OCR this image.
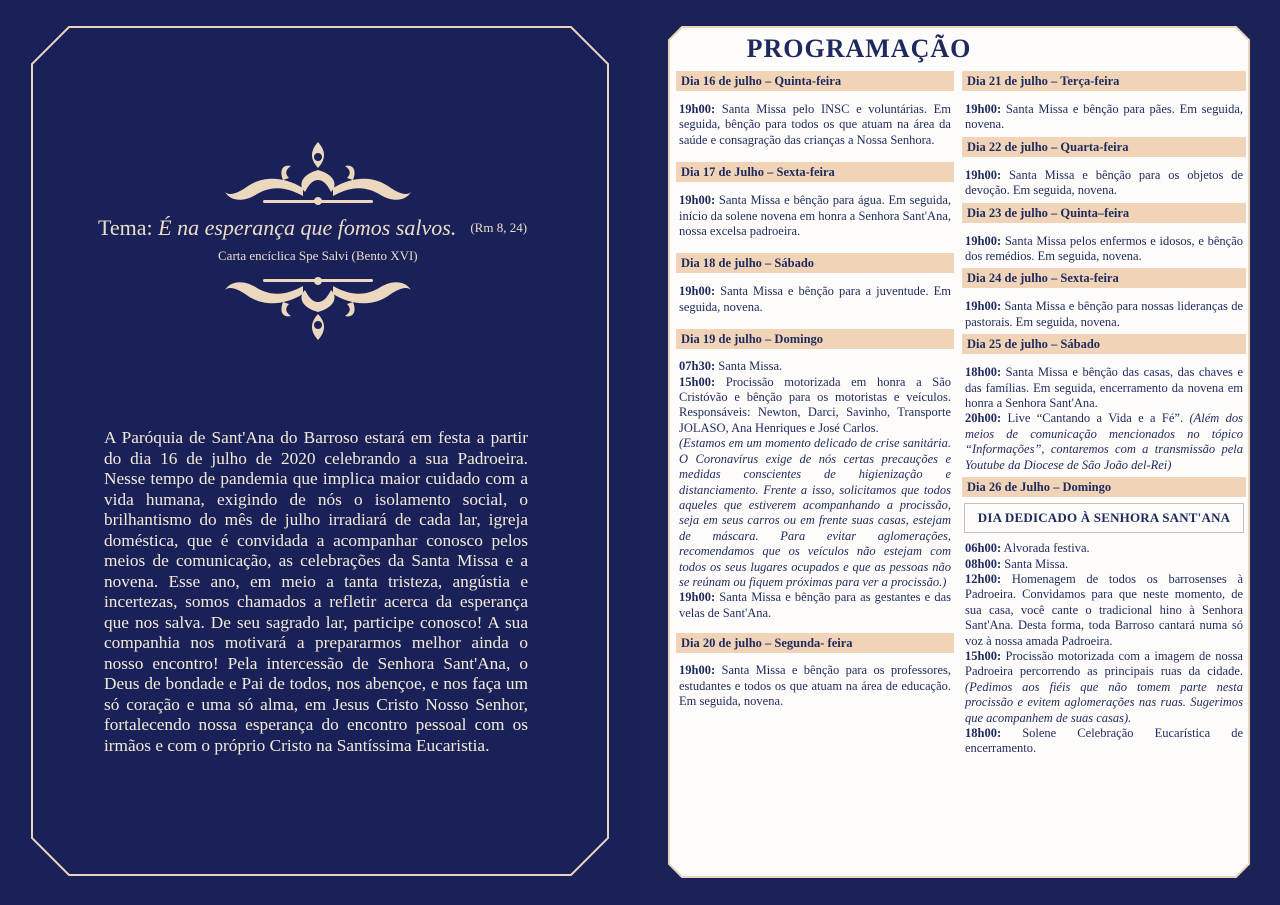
Tema: É na esperança que fomos salvos. (Rm 8, 24)
Carta encíclica Spe Salvi (Bento XVI)

A Paróquia de Sant'Ana do Barroso estará em festa a partir do dia 16 de julho de 2020 celebrando a sua Padroeira. Nesse tempo de pandemia que implica maior cuidado com a vida humana, exigindo de nós o isolamento social, o brilhantismo do mês de julho irradiará de cada lar, igreja doméstica, que é convidada a acompanhar conosco pelos meios de comunicação, as celebrações da Santa Missa e a novena. Esse ano, em meio a tanta tristeza, angústia e incertezas, somos chamados a refletir acerca da esperança que nos salva. De seu sagrado lar, participe conosco! A sua companhia nos motivará a prepararmos melhor ainda o nosso encontro! Pela intercessão de Senhora Sant'Ana, o Deus de bondade e Pai de todos, nos abençoe, e nos faça um só coração e uma só alma, em Jesus Cristo Nosso Senhor, fortalecendo nossa esperança do encontro pessoal com os irmãos e com o próprio Cristo na Santíssima Eucaristia.

PROGRAMAÇÃO
Dia 16 de julho – Quinta-feira
19h00: Santa Missa pelo INSC e voluntárias. Em seguida, bênção para todos os que atuam na área da saúde e consagração das crianças a Nossa Senhora.
Dia 17 de Julho – Sexta-feira
19h00: Santa Missa e bênção para água. Em seguida, início da solene novena em honra a Senhora Sant'Ana, nossa excelsa padroeira.
Dia 18 de julho – Sábado
19h00: Santa Missa e bênção para a juventude. Em seguida, novena.
Dia 19 de julho – Domingo
07h30: Santa Missa.
15h00: Procissão motorizada em honra a São Cristóvão e bênção para os motoristas e veículos. Responsáveis: Newton, Darci, Savinho, Transporte JOLASO, Ana Henriques e José Carlos.
(Estamos em um momento delicado de crise sanitária. O Coronavírus exige de nós certas precauções e medidas conscientes de higienização e distanciamento. Frente a isso, solicitamos que todos aqueles que estiverem acompanhando a procissão, seja em seus carros ou em frente suas casas, estejam de máscara. Para evitar aglomerações, recomendamos que os veículos não estejam com todos os seus lugares ocupados e que as pessoas não se reúnam ou fiquem próximas para ver a procissão.)
19h00: Santa Missa e bênção para as gestantes e das velas de Sant'Ana.
Dia 20 de julho – Segunda- feira
19h00: Santa Missa e bênção para os professores, estudantes e todos os que atuam na área de educação. Em seguida, novena.
Dia 21 de julho – Terça-feira
19h00: Santa Missa e bênção para pães. Em seguida, novena.
Dia 22 de julho – Quarta-feira
19h00: Santa Missa e bênção para os objetos de devoção. Em seguida, novena.
Dia 23 de julho – Quinta–feira
19h00: Santa Missa pelos enfermos e idosos, e bênção dos remédios. Em seguida, novena.
Dia 24 de julho – Sexta-feira
19h00: Santa Missa e bênção para nossas lideranças de pastorais. Em seguida, novena.
Dia 25 de julho – Sábado
18h00: Santa Missa e bênção das casas, das chaves e das famílias. Em seguida, encerramento da novena em honra a Senhora Sant'Ana.
20h00: Live “Cantando a Vida e a Fé”. (Além dos meios de comunicação mencionados no tópico “Informações”, contaremos com a transmissão pela Youtube da Diocese de São João del-Rei)
Dia 26 de Julho – Domingo
DIA DEDICADO À SENHORA SANT'ANA
06h00: Alvorada festiva.
08h00: Santa Missa.
12h00: Homenagem de todos os barrosenses à Padroeira. Convidamos para que neste momento, de sua casa, você cante o tradicional hino à Senhora Sant'Ana. Desta forma, toda Barroso cantará numa só voz à nossa amada Padroeira.
15h00: Procissão motorizada com a imagem de nossa Padroeira percorrendo as principais ruas da cidade. (Pedimos aos fiéis que não tomem parte nesta procissão e evitem aglomerações nas ruas. Sugerimos que acompanhem de suas casas).
18h00: Solene Celebração Eucarística de encerramento.
